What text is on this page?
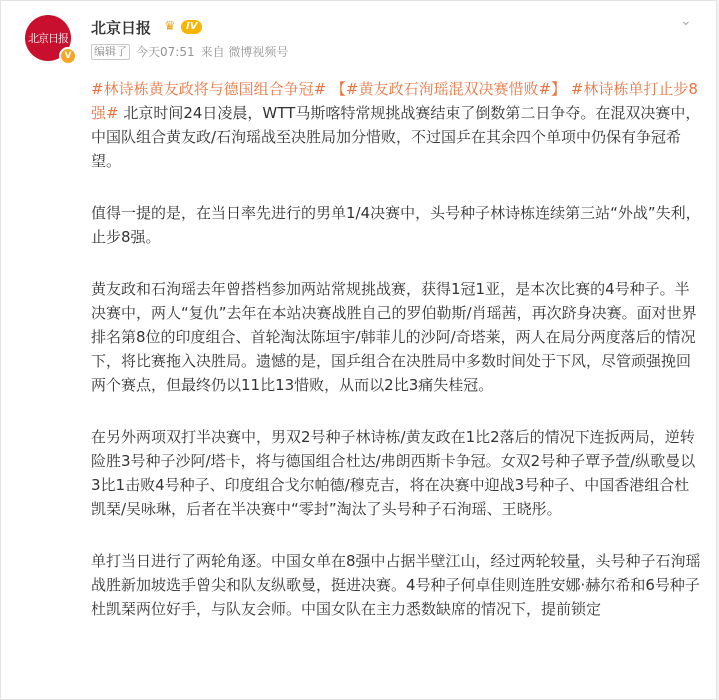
北京日报
V
北京日报 ♛	IV	⌄
编辑了 今天07:51 来自 微博视频号

#林诗栋黄友政将与德国组合争冠# 【#黄友政石洵瑶混双决赛惜败#】 #林诗栋单打止步8强# 北京时间24日凌晨，WTT马斯喀特常规挑战赛结束了倒数第二日争夺。在混双决赛中，中国队组合黄友政/石洵瑶战至决胜局加分惜败，不过国乒在其余四个单项中仍保有争冠希望。

值得一提的是，在当日率先进行的男单1/4决赛中，头号种子林诗栋连续第三站“外战”失利，止步8强。

黄友政和石洵瑶去年曾搭档参加两站常规挑战赛，获得1冠1亚，是本次比赛的4号种子。半决赛中，两人“复仇”去年在本站决赛战胜自己的罗伯勒斯/肖瑶茜，再次跻身决赛。面对世界排名第8位的印度组合、首轮淘汰陈垣宇/韩菲儿的沙阿/奇塔莱，两人在局分两度落后的情况下，将比赛拖入决胜局。遗憾的是，国乒组合在决胜局中多数时间处于下风，尽管顽强挽回两个赛点，但最终仍以11比13惜败，从而以2比3痛失桂冠。

在另外两项双打半决赛中，男双2号种子林诗栋/黄友政在1比2落后的情况下连扳两局，逆转险胜3号种子沙阿/塔卡，将与德国组合杜达/弗朗西斯卡争冠。女双2号种子覃予萱/纵歌曼以3比1击败4号种子、印度组合戈尔帕德/穆克吉，将在决赛中迎战3号种子、中国香港组合杜凯琹/吴咏琳，后者在半决赛中“零封”淘汰了头号种子石洵瑶、王晓彤。

单打当日进行了两轮角逐。中国女单在8强中占据半壁江山，经过两轮较量，头号种子石洵瑶战胜新加坡选手曾尖和队友纵歌曼，挺进决赛。4号种子何卓佳则连胜安娜·赫尔希和6号种子杜凯琹两位好手，与队友会师。中国女队在主力悉数缺席的情况下，提前锁定
